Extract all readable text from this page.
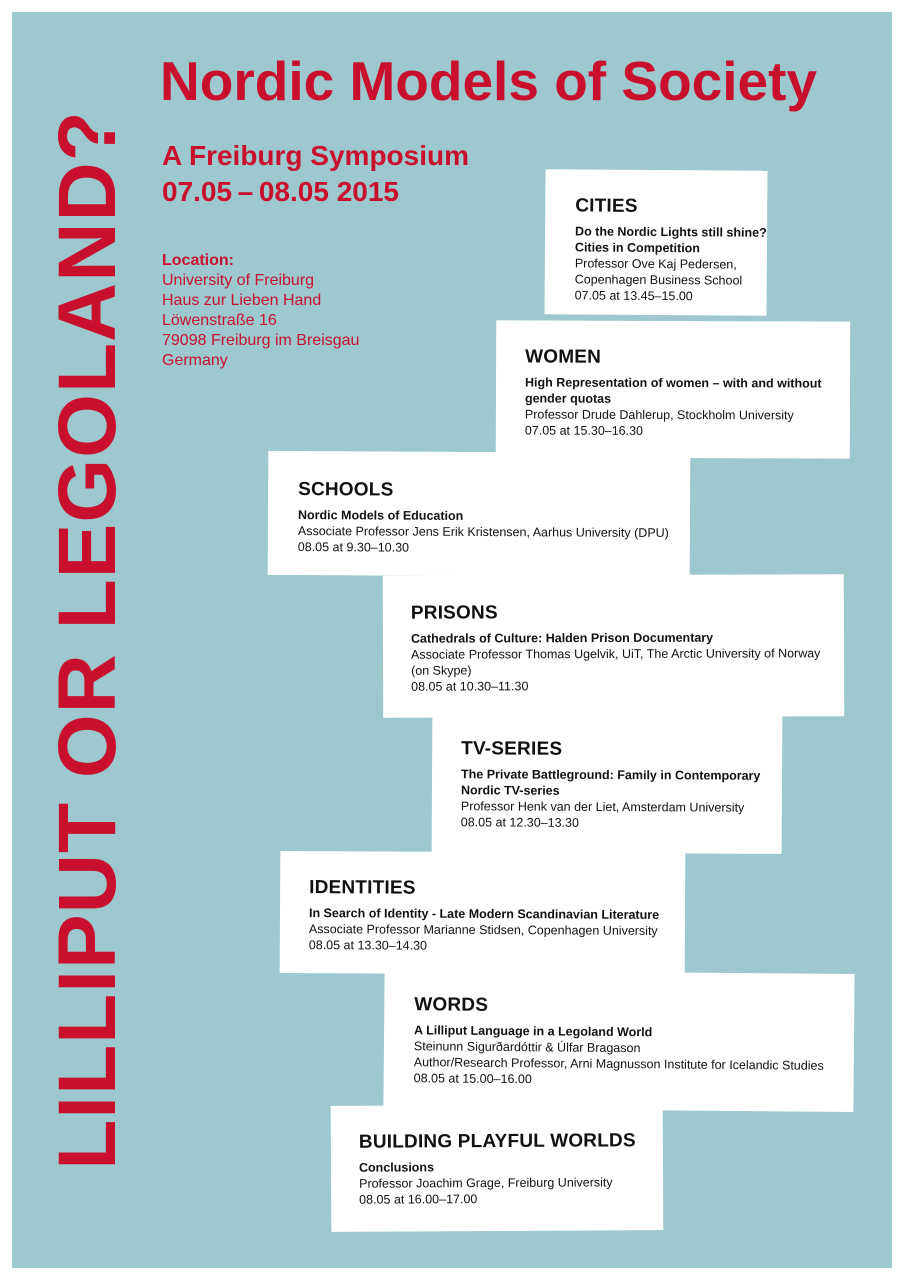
LILLIPUT OR LEGOLAND?
Nordic Models of Society
A Freiburg Symposium
07.05 – 08.05 2015
Location:
University of Freiburg
Haus zur Lieben Hand
Löwenstraße 16
79098 Freiburg im Breisgau
Germany
CITIES
Do the Nordic Lights still shine?
Cities in Competition
Professor Ove Kaj Pedersen,
Copenhagen Business School
07.05 at 13.45–15.00
WOMEN
High Representation of women – with and without
gender quotas
Professor Drude Dahlerup, Stockholm University
07.05 at 15.30–16.30
SCHOOLS
Nordic Models of Education
Associate Professor Jens Erik Kristensen, Aarhus University (DPU)
08.05 at 9.30–10.30
PRISONS
Cathedrals of Culture: Halden Prison Documentary
Associate Professor Thomas Ugelvik, UiT, The Arctic University of Norway
(on Skype)
08.05 at 10.30–11.30
TV-SERIES
The Private Battleground: Family in Contemporary
Nordic TV-series
Professor Henk van der Liet, Amsterdam University
08.05 at 12.30–13.30
IDENTITIES
In Search of Identity - Late Modern Scandinavian Literature
Associate Professor Marianne Stidsen, Copenhagen University
08.05 at 13.30–14.30
WORDS
A Lilliput Language in a Legoland World
Steinunn Sigurðardóttir & Úlfar Bragason
Author/Research Professor, Arni Magnusson Institute for Icelandic Studies
08.05 at 15.00–16.00
BUILDING PLAYFUL WORLDS
Conclusions
Professor Joachim Grage, Freiburg University
08.05 at 16.00–17.00
